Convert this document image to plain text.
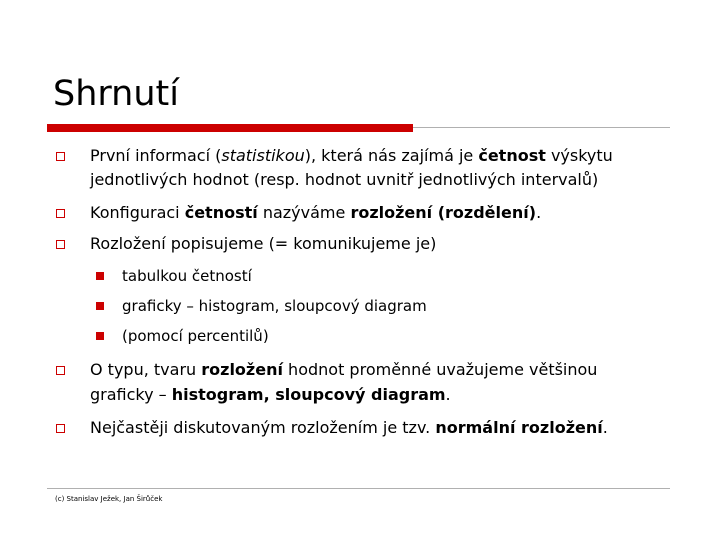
Shrnutí
První informací (statistikou), která nás zajímá je četnost výskytu
jednotlivých hodnot (resp. hodnot uvnitř jednotlivých intervalů)
Konfiguraci četností nazýváme rozložení (rozdělení).
Rozložení popisujeme (= komunikujeme je)
tabulkou četností
graficky – histogram, sloupcový diagram
(pomocí percentilů)
O typu, tvaru rozložení hodnot proměnné uvažujeme většinou
graficky – histogram, sloupcový diagram.
Nejčastěji diskutovaným rozložením je tzv. normální rozložení.
(c) Stanislav Ježek, Jan Širůček
